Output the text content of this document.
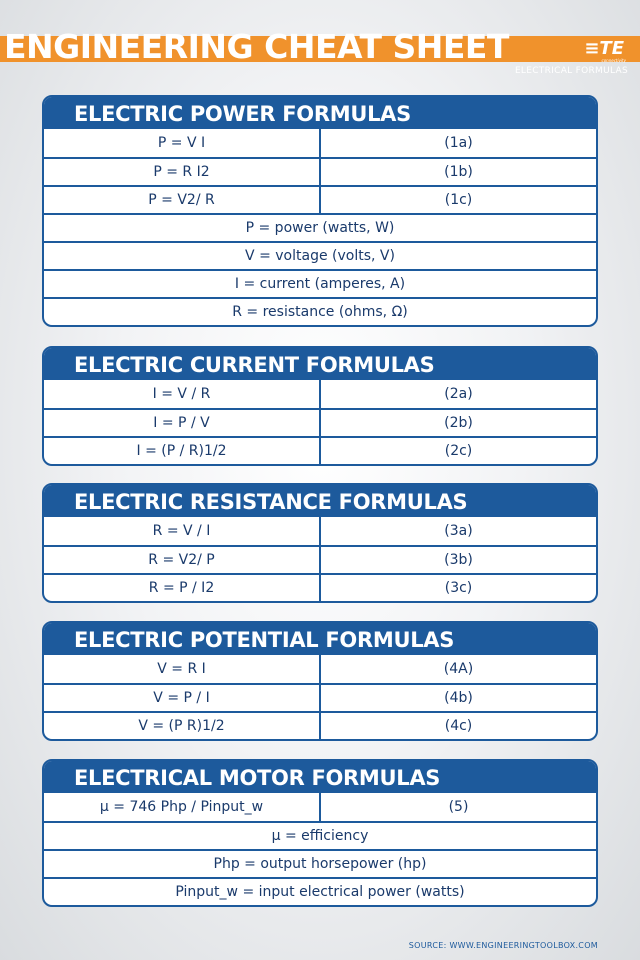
ENGINEERING CHEAT SHEET	≡TE
connectivity
ELECTRICAL FORMULAS
ELECTRIC POWER FORMULAS
P = V I	(1a)
P = R I2	(1b)
P = V2/ R	(1c)
P = power (watts, W)
V = voltage (volts, V)
I = current (amperes, A)
R = resistance (ohms, Ω)
ELECTRIC CURRENT FORMULAS
I = V / R	(2a)
I = P / V	(2b)
I = (P / R)1/2	(2c)
ELECTRIC RESISTANCE FORMULAS
R = V / I	(3a)
R = V2/ P	(3b)
R = P / I2	(3c)
ELECTRIC POTENTIAL FORMULAS
V = R I	(4A)
V = P / I	(4b)
V = (P R)1/2	(4c)
ELECTRICAL MOTOR FORMULAS
μ = 746 Php / Pinput_w	(5)
μ = efficiency
Php = output horsepower (hp)
Pinput_w = input electrical power (watts)
SOURCE: WWW.ENGINEERINGTOOLBOX.COM
